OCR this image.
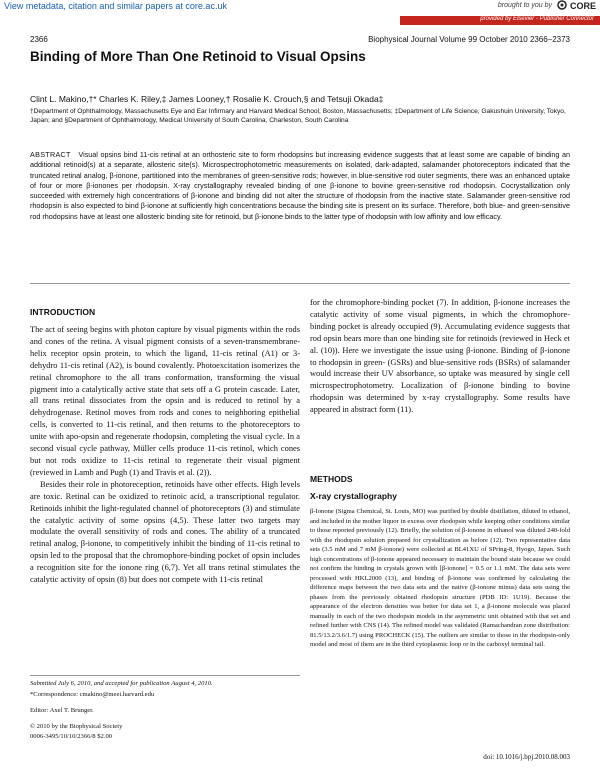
View metadata, citation and similar papers at core.ac.uk	brought to you by	CORE
provided by Elsevier - Publisher Connector
2366	Biophysical Journal Volume 99 October 2010 2366–2373
Binding of More Than One Retinoid to Visual Opsins
Clint L. Makino,†* Charles K. Riley,‡ James Looney,† Rosalie K. Crouch,§ and Tetsuji Okada‡
†Department of Ophthalmology, Massachusetts Eye and Ear Infirmary and Harvard Medical School, Boston, Massachusetts; ‡Department of Life Science, Gakushuin University, Tokyo, Japan; and §Department of Ophthalmology, Medical University of South Carolina, Charleston, South Carolina
ABSTRACT Visual opsins bind 11-cis retinal at an orthosteric site to form rhodopsins but increasing evidence suggests that at least some are capable of binding an additional retinoid(s) at a separate, allosteric site(s). Microspectrophotometric measurements on isolated, dark-adapted, salamander photoreceptors indicated that the truncated retinal analog, β-ionone, partitioned into the membranes of green-sensitive rods; however, in blue-sensitive rod outer segments, there was an enhanced uptake of four or more β-ionones per rhodopsin. X-ray crystallography revealed binding of one β-ionone to bovine green-sensitive rod rhodopsin. Cocrystallization only succeeded with extremely high concentrations of β-ionone and binding did not alter the structure of rhodopsin from the inactive state. Salamander green-sensitive rod rhodopsin is also expected to bind β-ionone at sufficiently high concentrations because the binding site is present on its surface. Therefore, both blue- and green-sensitive rod rhodopsins have at least one allosteric binding site for retinoid, but β-ionone binds to the latter type of rhodopsin with low affinity and low efficacy.
INTRODUCTION

The act of seeing begins with photon capture by visual pigments within the rods and cones of the retina. A visual pigment consists of a seven-transmembrane-helix receptor opsin protein, to which the ligand, 11-cis retinal (A1) or 3-dehydro 11-cis retinal (A2), is bound covalently. Photoexcitation isomerizes the retinal chromophore to the all trans conformation, transforming the visual pigment into a catalytically active state that sets off a G protein cascade. Later, all trans retinal dissociates from the opsin and is reduced to retinol by a dehydrogenase. Retinol moves from rods and cones to neighboring epithelial cells, is converted to 11-cis retinal, and then returns to the photoreceptors to unite with apo-opsin and regenerate rhodopsin, completing the visual cycle. In a second visual cycle pathway, Müller cells produce 11-cis retinol, which cones but not rods oxidize to 11-cis retinal to regenerate their visual pigment (reviewed in Lamb and Pugh (1) and Travis et al. (2)).

Besides their role in photoreception, retinoids have other effects. High levels are toxic. Retinal can be oxidized to retinoic acid, a transcriptional regulator. Retinoids inhibit the light-regulated channel of photoreceptors (3) and stimulate the catalytic activity of some opsins (4,5). These latter two targets may modulate the overall sensitivity of rods and cones. The ability of a truncated retinal analog, β-ionone, to competitively inhibit the binding of 11-cis retinal to opsin led to the proposal that the chromophore-binding pocket of opsin includes a recognition site for the ionone ring (6,7). Yet all trans retinal stimulates the catalytic activity of opsin (8) but does not compete with 11-cis retinal

for the chromophore-binding pocket (7). In addition, β-ionone increases the catalytic activity of some visual pigments, in which the chromophore-binding pocket is already occupied (9). Accumulating evidence suggests that rod opsin bears more than one binding site for retinoids (reviewed in Heck et al. (10)). Here we investigate the issue using β-ionone. Binding of β-ionone to rhodopsin in green- (GSRs) and blue-sensitive rods (BSRs) of salamander would increase their UV absorbance, so uptake was measured by single cell microspectrophotometry. Localization of β-ionone binding to bovine rhodopsin was determined by x-ray crystallography. Some results have appeared in abstract form (11).

METHODS
X-ray crystallography
β-Ionone (Sigma Chemical, St. Louis, MO) was purified by double distillation, diluted in ethanol, and included in the mother liquor in excess over rhodopsin while keeping other conditions similar to those reported previously (12). Briefly, the solution of β-ionone in ethanol was diluted 240-fold with the rhodopsin solution prepared for crystallization as before (12). Two representative data sets (3.5 mM and 7 mM β-ionone) were collected at BL41XU of SPring-8, Hyogo, Japan. Such high concentrations of β-ionone appeared necessary to maintain the bound state because we could not confirm the binding in crystals grown with [β-ionone] = 0.5 or 1.1 mM. The data sets were processed with HKL2000 (13), and binding of β-ionone was confirmed by calculating the difference maps between the two data sets and the native (β-ionone minus) data sets using the phases from the previously obtained rhodopsin structure (PDB ID: 1U19). Because the appearance of the electron densities was better for data set 1, a β-ionone molecule was placed manually in each of the two rhodopsin models in the asymmetric unit obtained with that set and refined further with CNS (14). The refined model was validated (Ramachandran zone distribution: 81.5/13.2/3.6/1.7) using PROCHECK (15). The outliers are similar to those in the rhodopsin-only model and most of them are in the third cytoplasmic loop or in the carboxyl terminal tail.
Submitted July 6, 2010, and accepted for publication August 4, 2010.
*Correspondence: cmakino@meei.harvard.edu
Editor: Axel T. Brunger.
© 2010 by the Biophysical Society
0006-3495/10/10/2366/8 $2.00
doi: 10.1016/j.bpj.2010.08.003
